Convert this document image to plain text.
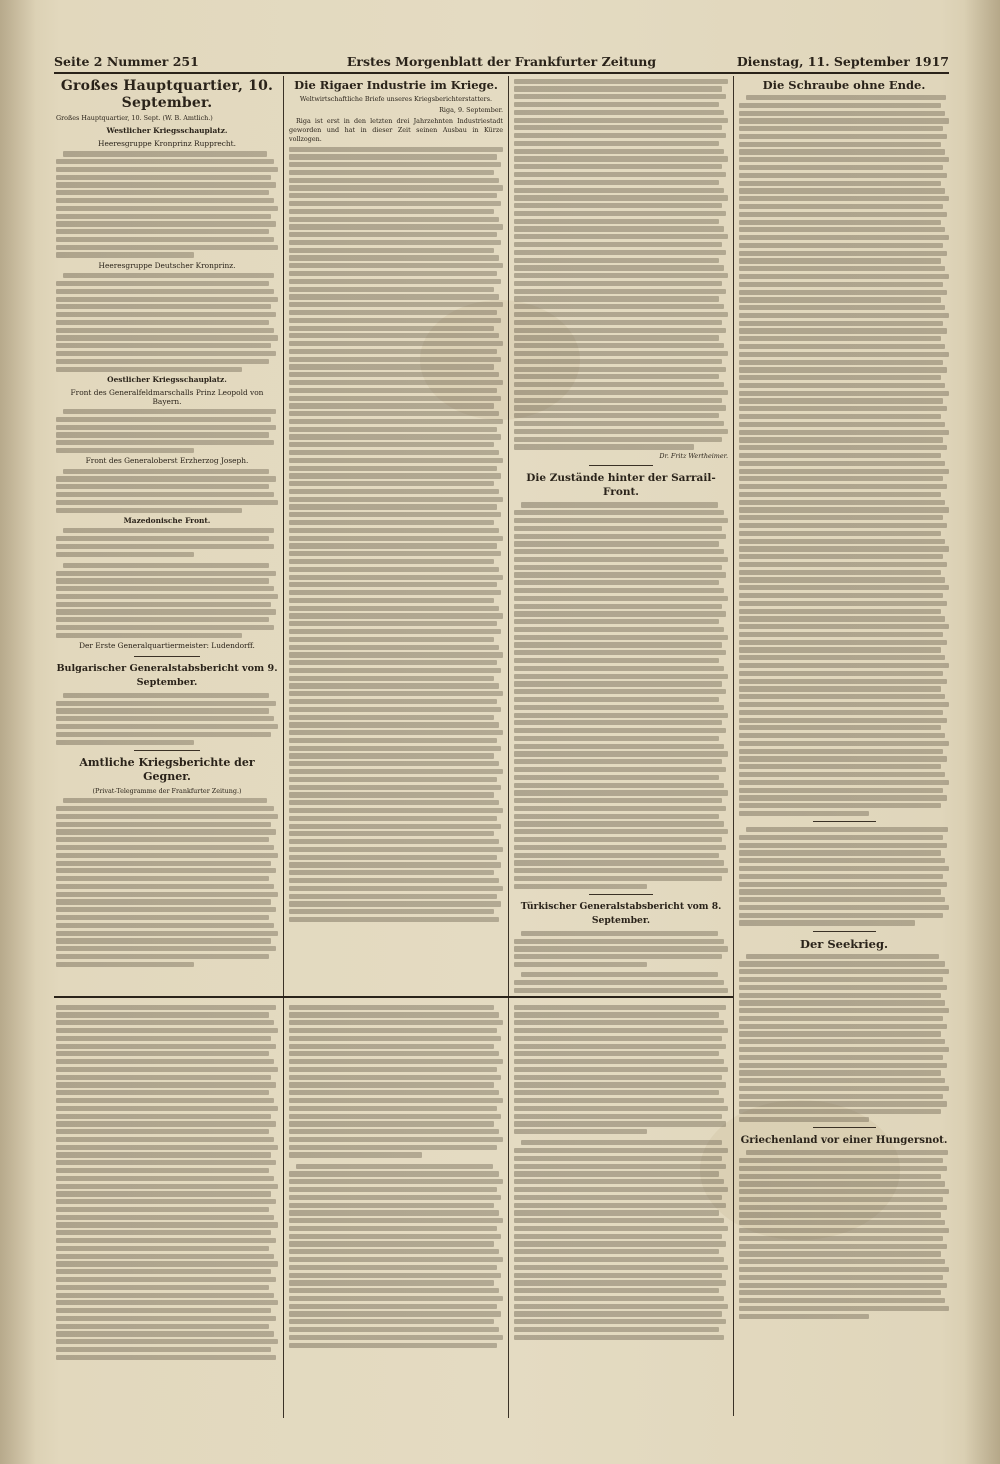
Seite 2 Nummer 251	Erstes Morgenblatt der Frankfurter Zeitung	Dienstag, 11. September 1917
Großes Hauptquartier, 10. September.
Großes Hauptquartier, 10. Sept. (W. B. Amtlich.)
Westlicher Kriegsschauplatz.
Heeresgruppe Kronprinz Rupprecht.
Heeresgruppe Deutscher Kronprinz.
Oestlicher Kriegsschauplatz.
Front des Generalfeldmarschalls Prinz Leopold von Bayern.
Front des Generaloberst Erzherzog Joseph.
Mazedonische Front.
Der Erste Generalquartiermeister: Ludendorff.
Bulgarischer Generalstabsbericht vom 9. September.
Amtliche Kriegsberichte der Gegner.
(Privat-Telegramme der Frankfurter Zeitung.)
Die Rigaer Industrie im Kriege.
Weltwirtschaftliche Briefe unseres Kriegsberichterstatters.
Riga, 9. September.
Riga ist erst in den letzten drei Jahrzehnten Industriestadt geworden und hat in dieser Zeit seinen Ausbau in Kürze vollzogen.
Dr. Fritz Wertheimer.
Die Zustände hinter der Sarrail-Front.
Türkischer Generalstabsbericht vom 8. September.
Die Schraube ohne Ende.
Der Seekrieg.
Griechenland vor einer Hungersnot.
